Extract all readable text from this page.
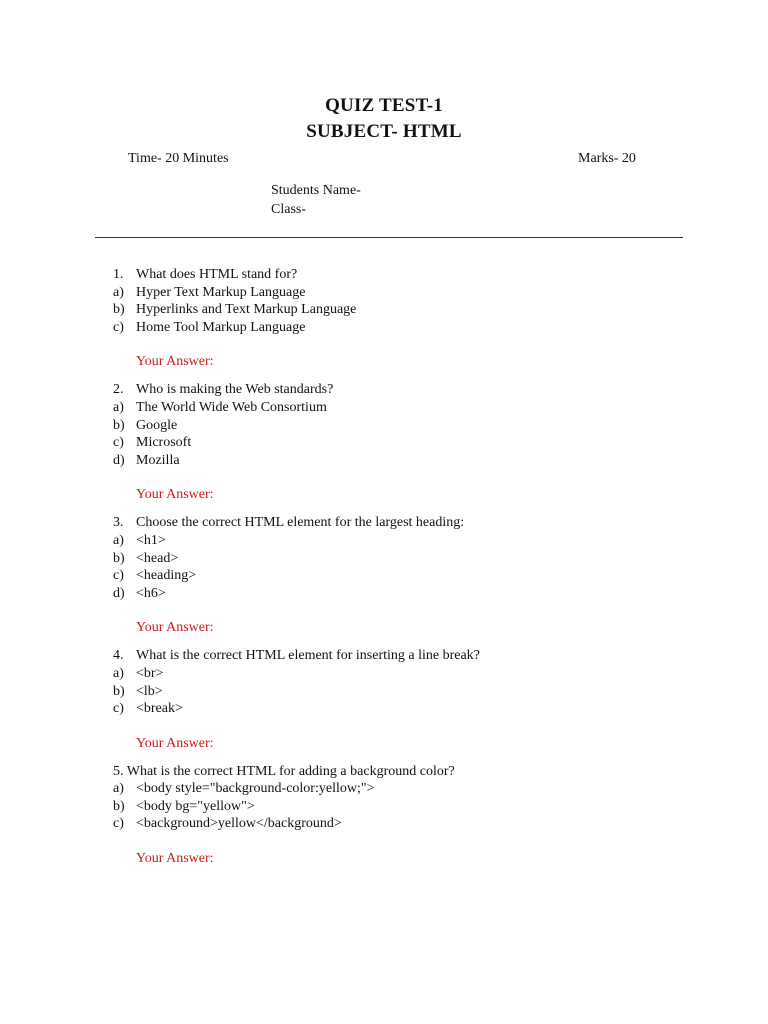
QUIZ TEST-1
SUBJECT- HTML
Time- 20 Minutes	Marks- 20
Students Name-
Class-
1. What does HTML stand for?
a) Hyper Text Markup Language
b) Hyperlinks and Text Markup Language
c) Home Tool Markup Language
Your Answer:
2. Who is making the Web standards?
a) The World Wide Web Consortium
b) Google
c) Microsoft
d) Mozilla
Your Answer:
3. Choose the correct HTML element for the largest heading:
a) <h1>
b) <head>
c) <heading>
d) <h6>
Your Answer:
4. What is the correct HTML element for inserting a line break?
a) <br>
b) <lb>
c) <break>
Your Answer:
5. What is the correct HTML for adding a background color?
a) <body style="background-color:yellow;">
b) <body bg="yellow">
c) <background>yellow</background>
Your Answer:
